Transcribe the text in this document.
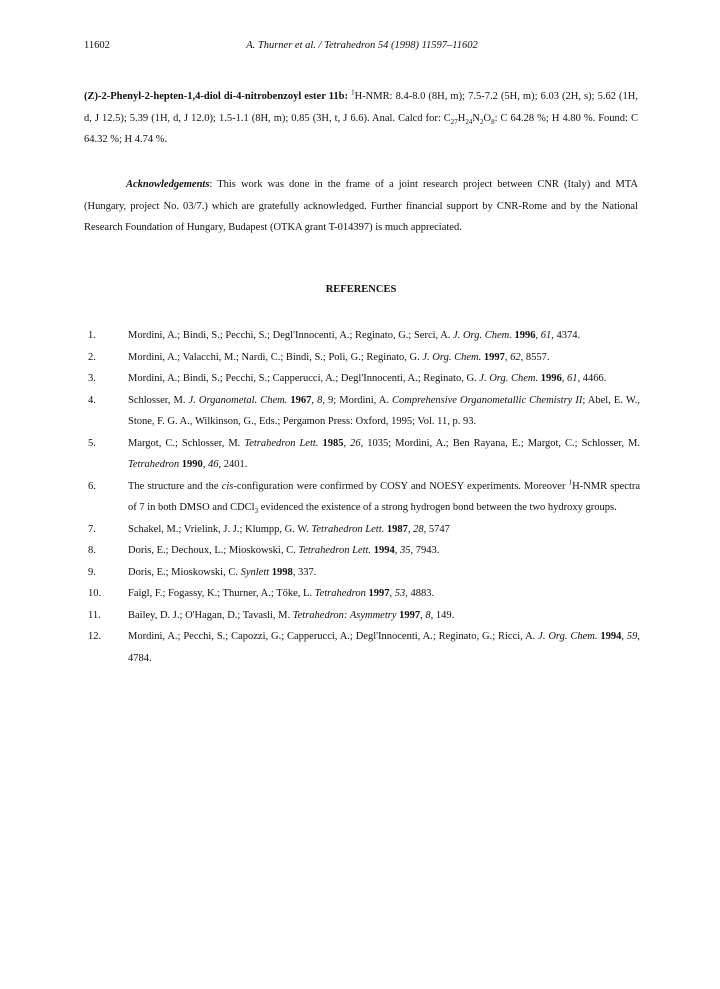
11602	A. Thurner et al. / Tetrahedron 54 (1998) 11597–11602
(Z)-2-Phenyl-2-hepten-1,4-diol di-4-nitrobenzoyl ester 11b: $^1$H-NMR: 8.4-8.0 (8H, m); 7.5-7.2 (5H, m); 6.03 (2H, s); 5.62 (1H, d, J 12.5); 5.39 (1H, d, J 12.0); 1.5-1.1 (8H, m); 0.85 (3H, t, J 6.6). Anal. Calcd for: $C_{27}H_{24}N_2O_8$: C 64.28 %; H 4.80 %. Found: C 64.32 %; H 4.74 %.
Acknowledgements: This work was done in the frame of a joint research project between CNR (Italy) and MTA (Hungary, project No. 03/7.) which are gratefully acknowledged. Further financial support by CNR-Rome and by the National Research Foundation of Hungary, Budapest (OTKA grant T-014397) is much appreciated.
REFERENCES
1.	Mordini, A.; Bindi, S.; Pecchi, S.; Degl'Innocenti, A.; Reginato, G.; Serci, A. J. Org. Chem. 1996, 61, 4374.
2.	Mordini, A.; Valacchi, M.; Nardi, C.; Bindi, S.; Poli, G.; Reginato, G. J. Org. Chem. 1997, 62, 8557.
3.	Mordini, A.; Bindi, S.; Pecchi, S.; Capperucci, A.; Degl'Innocenti, A.; Reginato, G. J. Org. Chem. 1996, 61, 4466.
4.	Schlosser, M. J. Organometal. Chem. 1967, 8, 9; Mordini, A. Comprehensive Organometallic Chemistry II; Abel, E. W., Stone, F. G. A., Wilkinson, G., Eds.; Pergamon Press: Oxford, 1995; Vol. 11, p. 93.
5.	Margot, C.; Schlosser, M. Tetrahedron Lett. 1985, 26, 1035; Mordini, A.; Ben Rayana, E.; Margot, C.; Schlosser, M. Tetrahedron 1990, 46, 2401.
6.	The structure and the cis-configuration were confirmed by COSY and NOESY experiments. Moreover $^1$H-NMR spectra of 7 in both DMSO and CDCl$_3$ evidenced the existence of a strong hydrogen bond between the two hydroxy groups.
7.	Schakel, M.; Vrielink, J. J.; Klumpp, G. W. Tetrahedron Lett. 1987, 28, 5747
8.	Doris, E.; Dechoux, L.; Mioskowski, C. Tetrahedron Lett. 1994, 35, 7943.
9.	Doris, E.; Mioskowski, C. Synlett 1998, 337.
10.	Faigl, F.; Fogassy, K.; Thurner, A.; Tőke, L. Tetrahedron 1997, 53, 4883.
11.	Bailey, D. J.; O'Hagan, D.; Tavasli, M. Tetrahedron: Asymmetry 1997, 8, 149.
12.	Mordini, A.; Pecchi, S.; Capozzi, G.; Capperucci, A.; Degl'Innocenti, A.; Reginato, G.; Ricci, A. J. Org. Chem. 1994, 59, 4784.
